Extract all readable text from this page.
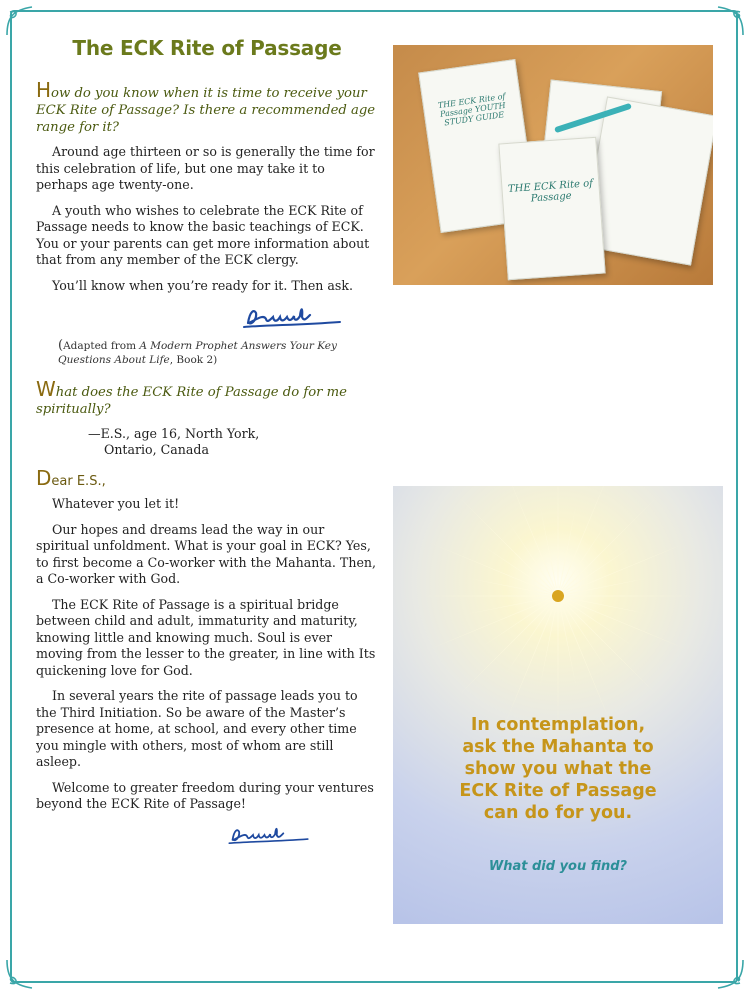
The ECK Rite of Passage

How do you know when it is time to receive your ECK Rite of Passage? Is there a recommended age range for it?

Around age thirteen or so is generally the time for this celebration of life, but one may take it to perhaps age twenty-one.

A youth who wishes to celebrate the ECK Rite of Passage needs to know the basic teachings of ECK. You or your parents can get more information about that from any member of the ECK clergy.

You’ll know when you’re ready for it. Then ask.

(Adapted from A Modern Prophet Answers Your Key Questions About Life, Book 2)

What does the ECK Rite of Passage do for me spiritually?

—E.S., age 16, North York,
Ontario, Canada

Dear E.S.,

Whatever you let it!

Our hopes and dreams lead the way in our spiritual unfoldment. What is your goal in ECK? Yes, to first become a Co-worker with the Mahanta. Then, a Co-worker with God.

The ECK Rite of Passage is a spiritual bridge between child and adult, immaturity and maturity, knowing little and knowing much. Soul is ever moving from the lesser to the greater, in line with Its quickening love for God.

In several years the rite of passage leads you to the Third Initiation. So be aware of the Master’s presence at home, at school, and every other time you mingle with others, most of whom are still asleep.

Welcome to greater freedom during your ventures beyond the ECK Rite of Passage!

THE ECK Rite of Passage YOUTH STUDY GUIDE
THE ECK Rite of Passage
In contemplation,
ask the Mahanta to
show you what the
ECK Rite of Passage
can do for you.
What did you find?
